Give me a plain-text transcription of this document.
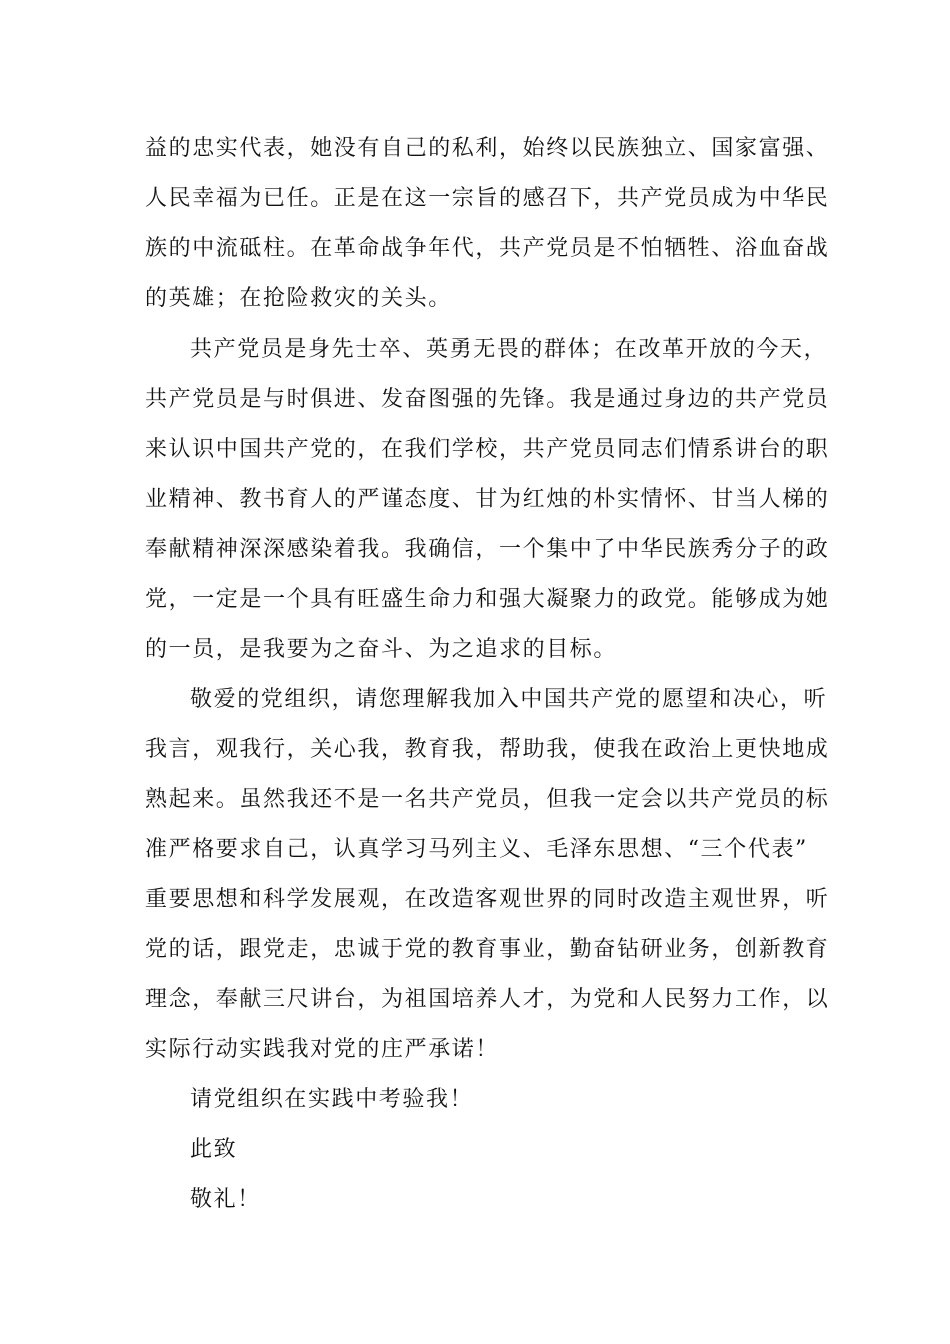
益的忠实代表，她没有自己的私利，始终以民族独立、国家富强、
人民幸福为已任。正是在这一宗旨的感召下，共产党员成为中华民
族的中流砥柱。在革命战争年代，共产党员是不怕牺牲、浴血奋战
的英雄；在抢险救灾的关头。
共产党员是身先士卒、英勇无畏的群体；在改革开放的今天，
共产党员是与时俱进、发奋图强的先锋。我是通过身边的共产党员
来认识中国共产党的，在我们学校，共产党员同志们情系讲台的职
业精神、教书育人的严谨态度、甘为红烛的朴实情怀、甘当人梯的
奉献精神深深感染着我。我确信，一个集中了中华民族秀分子的政
党，一定是一个具有旺盛生命力和强大凝聚力的政党。能够成为她
的一员，是我要为之奋斗、为之追求的目标。
敬爱的党组织，请您理解我加入中国共产党的愿望和决心，听
我言，观我行，关心我，教育我，帮助我，使我在政治上更快地成
熟起来。虽然我还不是一名共产党员，但我一定会以共产党员的标
准严格要求自己，认真学习马列主义、毛泽东思想、“三个代表”
重要思想和科学发展观，在改造客观世界的同时改造主观世界，听
党的话，跟党走，忠诚于党的教育事业，勤奋钻研业务，创新教育
理念，奉献三尺讲台，为祖国培养人才，为党和人民努力工作，以
实际行动实践我对党的庄严承诺！
请党组织在实践中考验我！
此致
敬礼！
